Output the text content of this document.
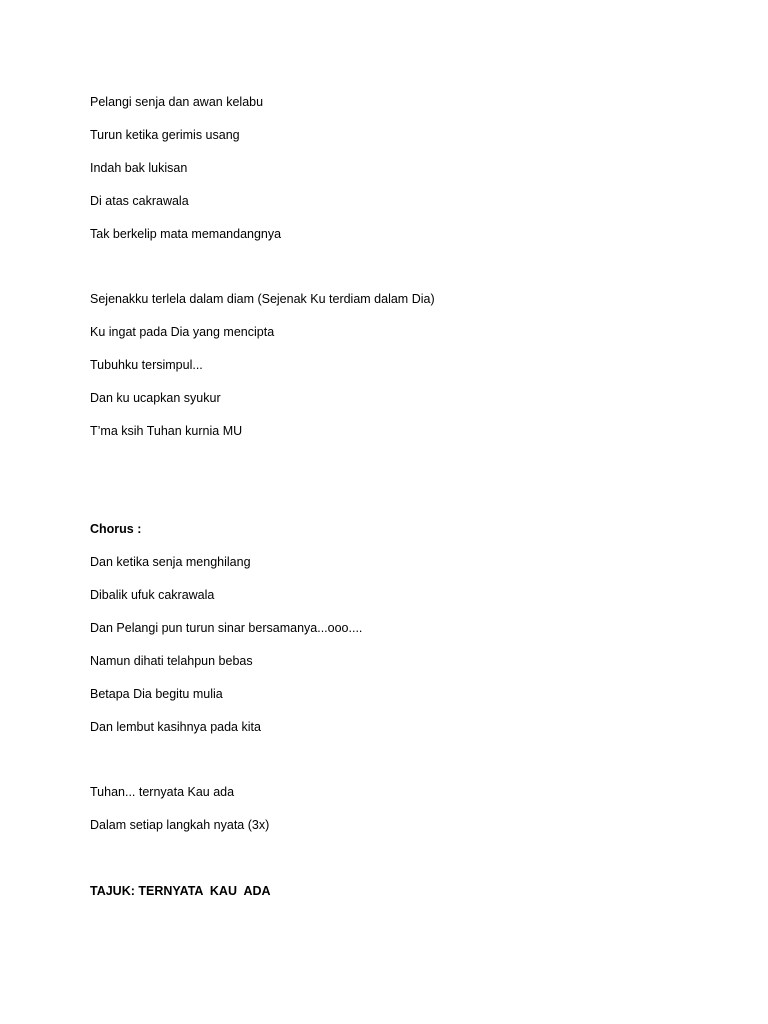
Pelangi senja dan awan kelabu
Turun ketika gerimis usang
Indah bak lukisan
Di atas cakrawala
Tak berkelip mata memandangnya
Sejenakku terlela dalam diam (Sejenak Ku terdiam dalam Dia)
Ku ingat pada Dia yang mencipta
Tubuhku tersimpul...
Dan ku ucapkan syukur
T’ma ksih Tuhan kurnia MU
Chorus :
Dan ketika senja menghilang
Dibalik ufuk cakrawala
Dan Pelangi pun turun sinar bersamanya...ooo....
Namun dihati telahpun bebas
Betapa Dia begitu mulia
Dan lembut kasihnya pada kita
Tuhan... ternyata Kau ada
Dalam setiap langkah nyata (3x)
TAJUK: TERNYATA  KAU  ADA
